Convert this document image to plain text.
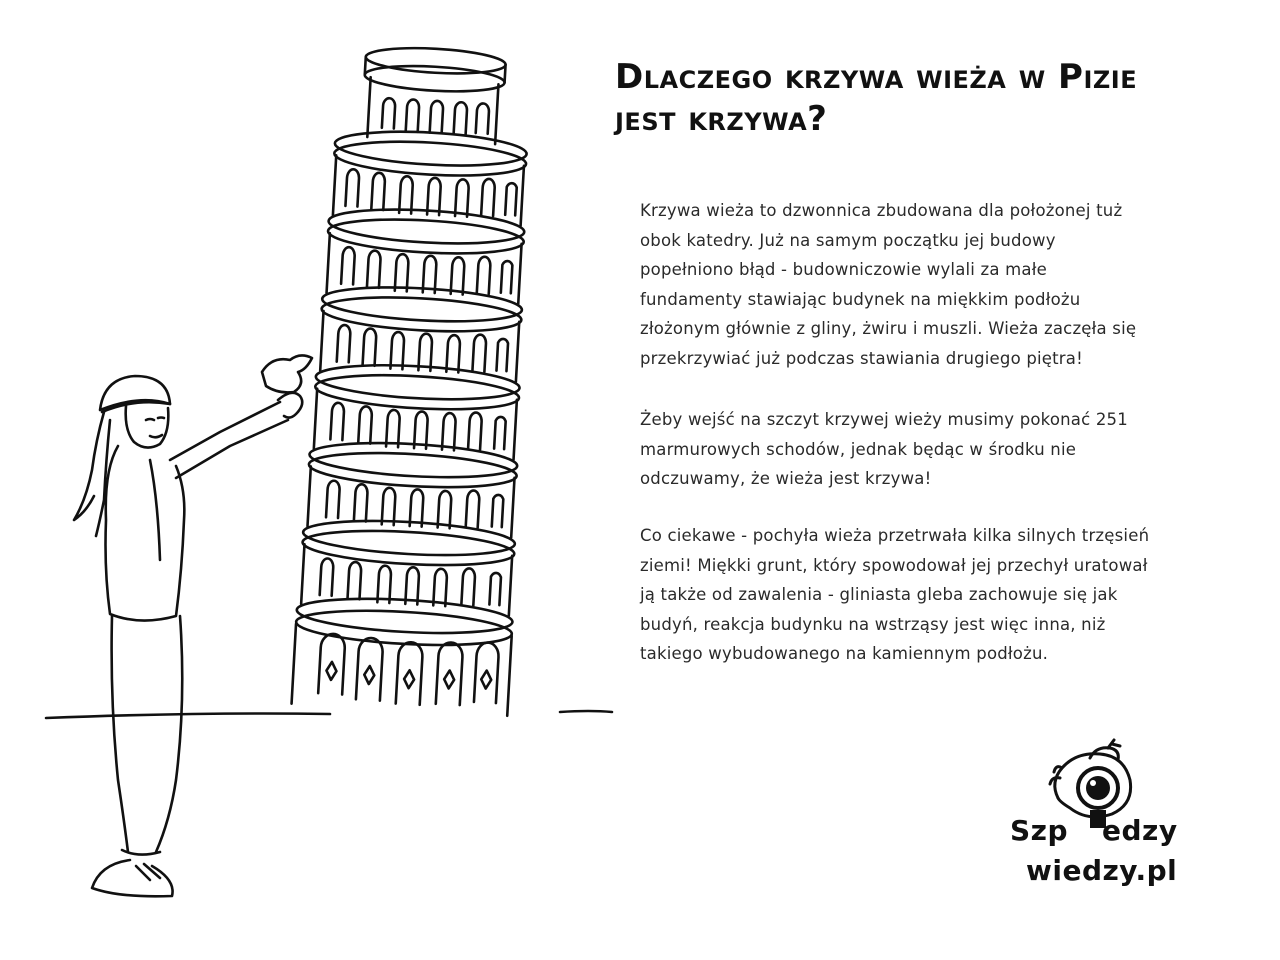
Dlaczego krzywa wieża w Pizie
jest krzywa?

Krzywa wieża to dzwonnica zbudowana dla położonej tuż
obok katedry. Już na samym początku jej budowy
popełniono błąd - budowniczowie wylali za małe
fundamenty stawiając budynek na miękkim podłożu
złożonym głównie z gliny, żwiru i muszli. Wieża zaczęła się
przekrzywiać już podczas stawiania drugiego piętra!

Żeby wejść na szczyt krzywej wieży musimy pokonać 251
marmurowych schodów, jednak będąc w środku nie
odczuwamy, że wieża jest krzywa!

Co ciekawe - pochyła wieża przetrwała kilka silnych trzęsień
ziemi! Miękki grunt, który spowodował jej przechył uratował
ją także od zawalenia - gliniasta gleba zachowuje się jak
budyń, reakcja budynku na wstrząsy jest więc inna, niż
takiego wybudowanego na kamiennym podłożu.

Szp edzy
wiedzy.pl
